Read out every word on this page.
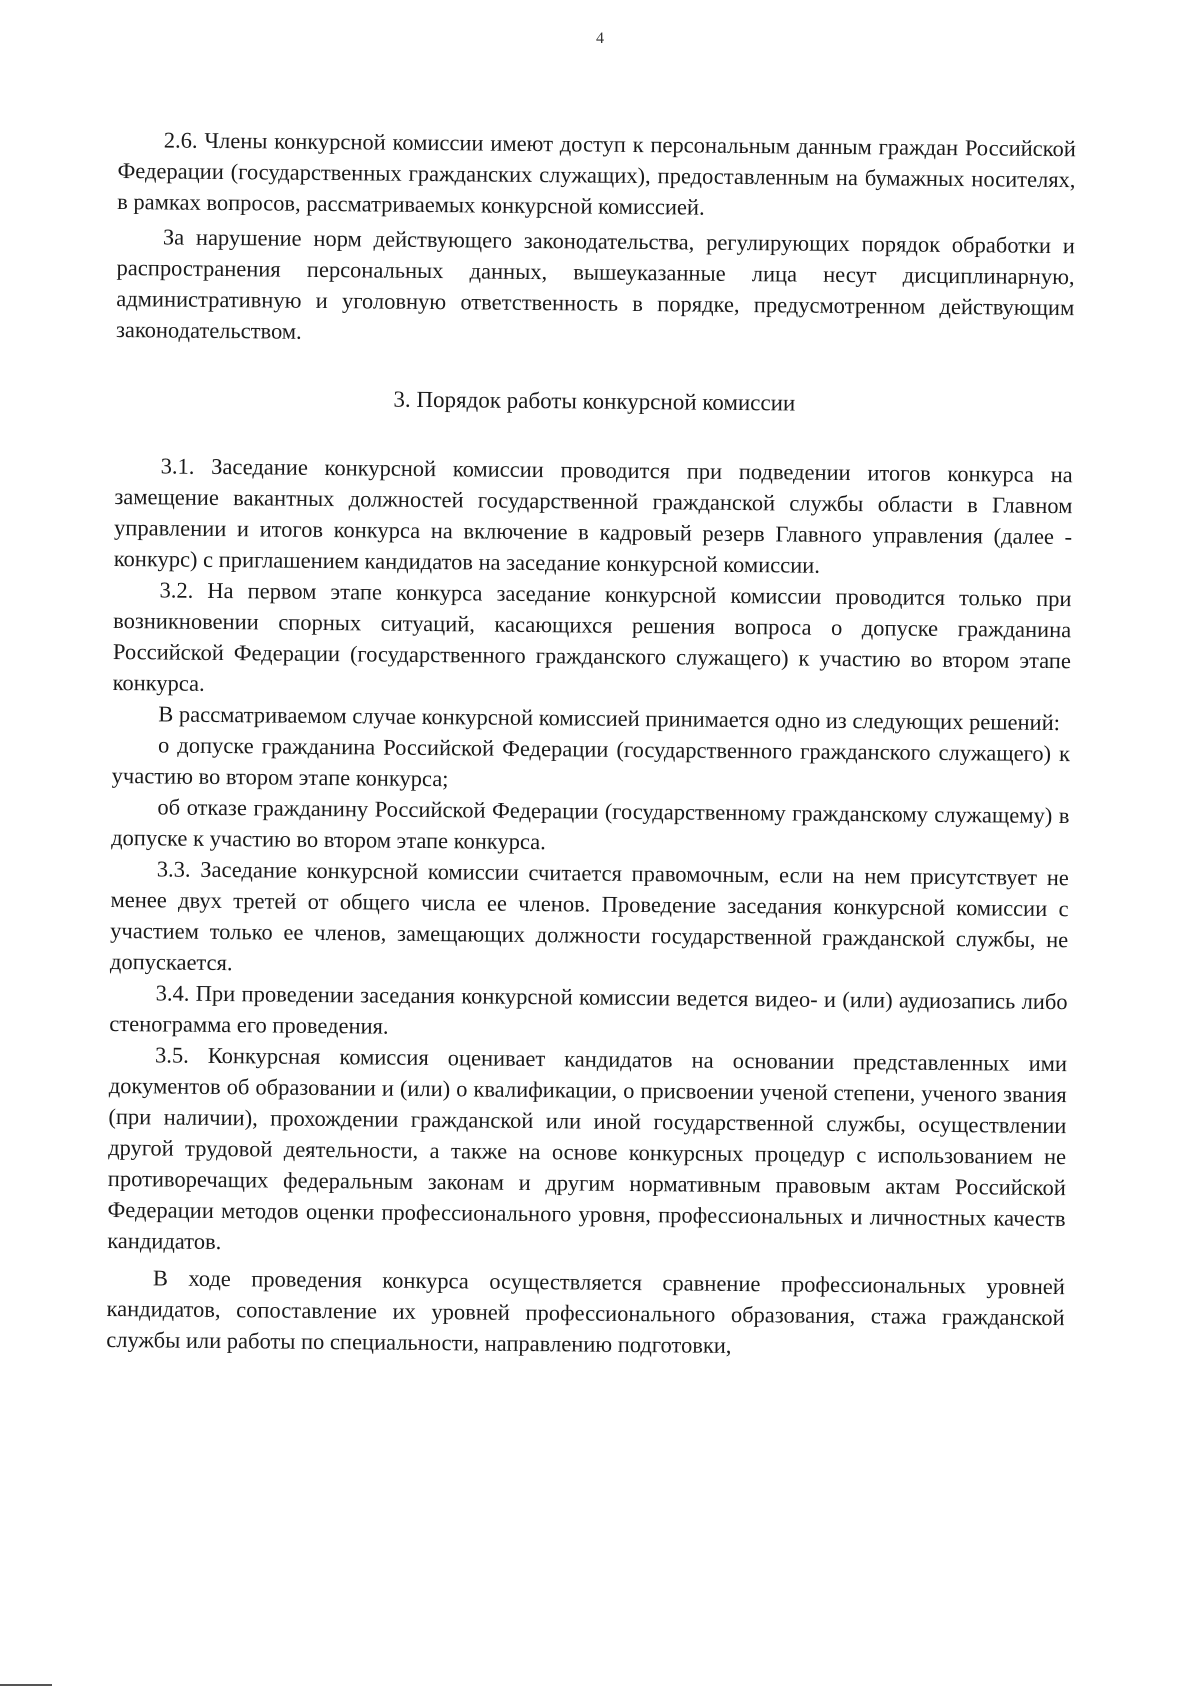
4

2.6. Члены конкурсной комиссии имеют доступ к персональным данным граждан Российской Федерации (государственных гражданских служащих), предоставленным на бумажных носителях, в рамках вопросов, рассматриваемых конкурсной комиссией.

За нарушение норм действующего законодательства, регулирующих порядок обработки и распространения персональных данных, вышеуказанные лица несут дисциплинарную, административную и уголовную ответственность в порядке, предусмотренном действующим законодательством.

3. Порядок работы конкурсной комиссии

3.1. Заседание конкурсной комиссии проводится при подведении итогов конкурса на замещение вакантных должностей государственной гражданской службы области в Главном управлении и итогов конкурса на включение в кадровый резерв Главного управления (далее - конкурс) с приглашением кандидатов на заседание конкурсной комиссии.

3.2. На первом этапе конкурса заседание конкурсной комиссии проводится только при возникновении спорных ситуаций, касающихся решения вопроса о допуске гражданина Российской Федерации (государственного гражданского служащего) к участию во втором этапе конкурса.

В рассматриваемом случае конкурсной комиссией принимается одно из следующих решений:

о допуске гражданина Российской Федерации (государственного гражданского служащего) к участию во втором этапе конкурса;

об отказе гражданину Российской Федерации (государственному гражданскому служащему) в допуске к участию во втором этапе конкурса.

3.3. Заседание конкурсной комиссии считается правомочным, если на нем присутствует не менее двух третей от общего числа ее членов. Проведение заседания конкурсной комиссии с участием только ее членов, замещающих должности государственной гражданской службы, не допускается.

3.4. При проведении заседания конкурсной комиссии ведется видео- и (или) аудиозапись либо стенограмма его проведения.

3.5. Конкурсная комиссия оценивает кандидатов на основании представленных ими документов об образовании и (или) о квалификации, о присвоении ученой степени, ученого звания (при наличии), прохождении гражданской или иной государственной службы, осуществлении другой трудовой деятельности, а также на основе конкурсных процедур с использованием не противоречащих федеральным законам и другим нормативным правовым актам Российской Федерации методов оценки профессионального уровня, профессиональных и личностных качеств кандидатов.

В ходе проведения конкурса осуществляется сравнение профессиональных уровней кандидатов, сопоставление их уровней профессионального образования, стажа гражданской службы или работы по специальности, направлению подготовки,
